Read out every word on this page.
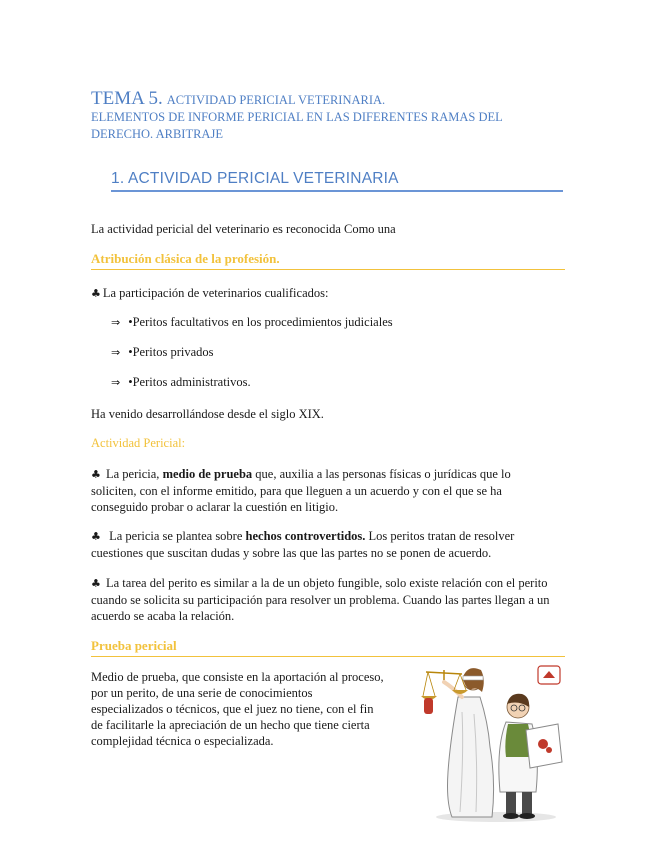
TEMA 5. ACTIVIDAD PERICIAL VETERINARIA.
ELEMENTOS DE INFORME PERICIAL EN LAS DIFERENTES RAMAS DEL
DERECHO. ARBITRAJE
1. ACTIVIDAD PERICIAL VETERINARIA
La actividad pericial del veterinario es reconocida Como una
Atribución clásica de la profesión.
♣ La participación de veterinarios cualificados:
⇒ •Peritos facultativos en los procedimientos judiciales
⇒ •Peritos privados
⇒ •Peritos administrativos.
Ha venido desarrollándose desde el siglo XIX.
Actividad Pericial:
♣ La pericia, medio de prueba que, auxilia a las personas físicas o jurídicas que lo
soliciten, con el informe emitido, para que lleguen a un acuerdo y con el que se ha
conseguido probar o aclarar la cuestión en litigio.
♣ La pericia se plantea sobre hechos controvertidos. Los peritos tratan de resolver
cuestiones que suscitan dudas y sobre las que las partes no se ponen de acuerdo.
♣ La tarea del perito es similar a la de un objeto fungible, solo existe relación con el perito
cuando se solicita su participación para resolver un problema. Cuando las partes llegan a un
acuerdo se acaba la relación.
Prueba pericial
Medio de prueba, que consiste en la aportación al proceso,
por un perito, de una serie de conocimientos
especializados o técnicos, que el juez no tiene, con el fin
de facilitarle la apreciación de un hecho que tiene cierta
complejidad técnica o especializada.
